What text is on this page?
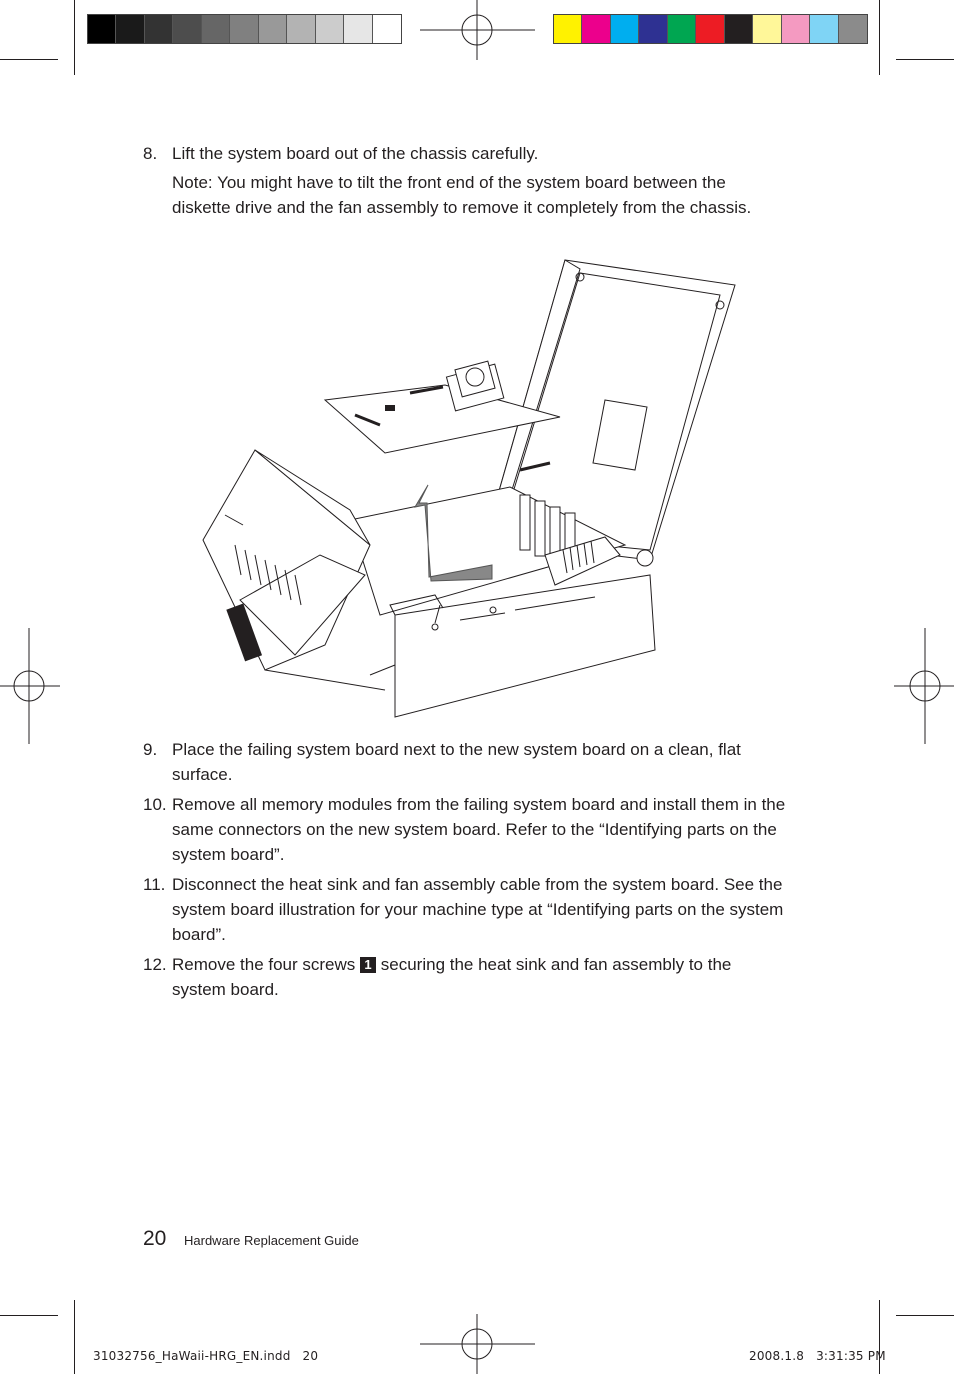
8. Lift the system board out of the chassis carefully.
Note: You might have to tilt the front end of the system board between the diskette drive and the fan assembly to remove it completely from the chassis.
9. Place the failing system board next to the new system board on a clean, flat surface.
10. Remove all memory modules from the failing system board and install them in the same connectors on the new system board. Refer to the “Identifying parts on the system board”.
11. Disconnect the heat sink and fan assembly cable from the system board. See the system board illustration for your machine type at “Identifying parts on the system board”.
12. Remove the four screws 1 securing the heat sink and fan assembly to the system board.
20 Hardware Replacement Guide
31032756_HaWaii-HRG_EN.indd   20	2008.1.8   3:31:35 PM
